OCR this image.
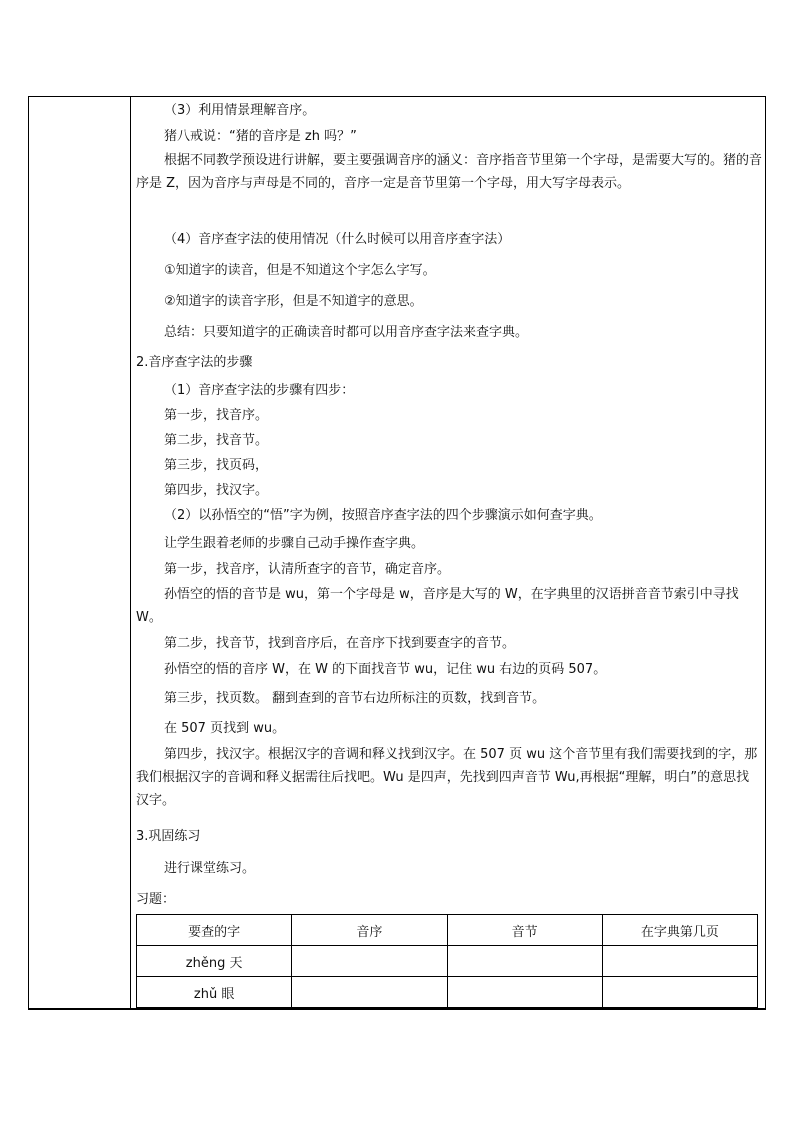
（3）利用情景理解音序。
猪八戒说：“猪的音序是 zh 吗？”
根据不同教学预设进行讲解，要主要强调音序的涵义：音序指音节里第一个字母，是需要大写的。猪的音序是 Z，因为音序与声母是不同的，音序一定是音节里第一个字母，用大写字母表示。
（4）音序查字法的使用情况（什么时候可以用音序查字法）
①知道字的读音，但是不知道这个字怎么字写。
②知道字的读音字形，但是不知道字的意思。
总结：只要知道字的正确读音时都可以用音序查字法来查字典。
2.音序查字法的步骤
（1）音序查字法的步骤有四步：
第一步，找音序。
第二步，找音节。
第三步，找页码，
第四步，找汉字。
（2）以孙悟空的“悟”字为例，按照音序查字法的四个步骤演示如何查字典。
让学生跟着老师的步骤自己动手操作查字典。
第一步，找音序，认清所查字的音节，确定音序。
孙悟空的悟的音节是 wu，第一个字母是 w，音序是大写的 W，在字典里的汉语拼音音节索引中寻找 W。
第二步，找音节，找到音序后，在音序下找到要查字的音节。
孙悟空的悟的音序 W，在 W 的下面找音节 wu，记住 wu 右边的页码 507。
第三步，找页数。 翻到查到的音节右边所标注的页数，找到音节。
在 507 页找到 wu。
第四步，找汉字。根据汉字的音调和释义找到汉字。在 507 页 wu 这个音节里有我们需要找到的字，那我们根据汉字的音调和释义据需往后找吧。Wu 是四声，先找到四声音节 Wu,再根据“理解，明白”的意思找汉字。
3.巩固练习
进行课堂练习。
习题：
要查的字	音序	音节	在字典第几页
zhěng 天			
zhǔ 眼			
